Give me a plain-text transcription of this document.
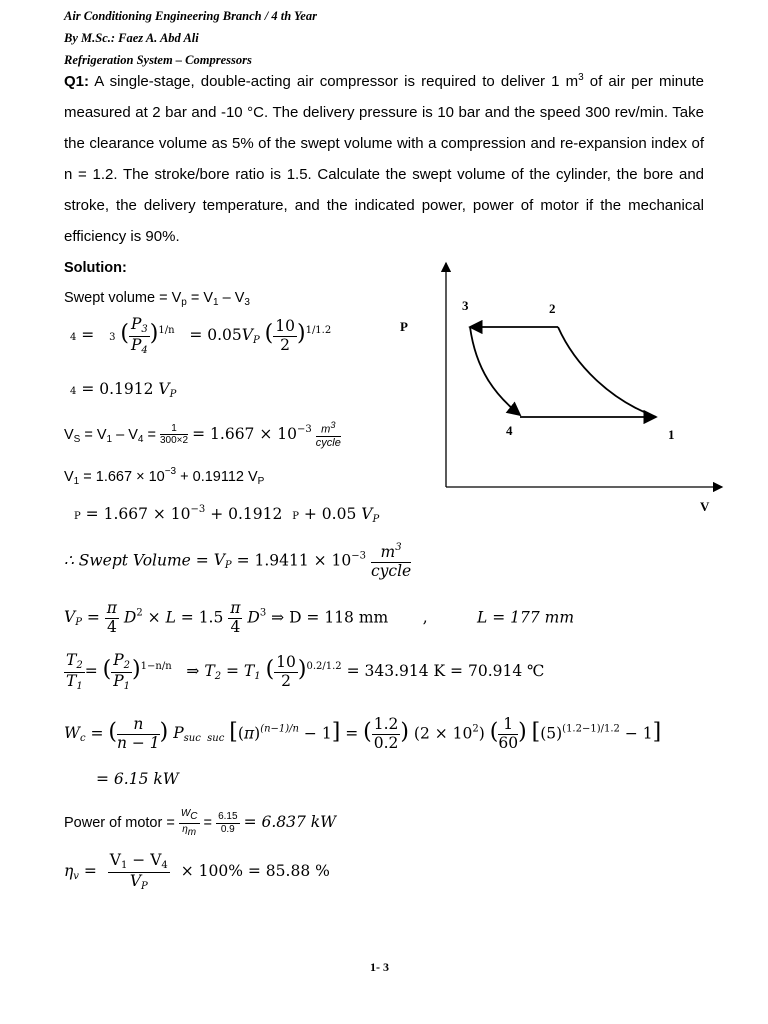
Air Conditioning Engineering Branch / 4 th Year
By M.Sc.: Faez A. Abd Ali
Refrigeration System – Compressors
Q1: A single-stage, double-acting air compressor is required to deliver 1 $m^3$ of air per minute measured at 2 bar and -10 °C. The delivery pressure is 10 bar and the speed 300 rev/min. Take the clearance volume as 5% of the swept volume with a compression and re-expansion index of n = 1.2. The stroke/bore ratio is 1.5. Calculate the swept volume of the cylinder, the bore and stroke, the delivery temperature, and the indicated power, power of motor if the mechanical efficiency is 90%.
Solution:
Swept volume = $V_p = V_1 - V_3$
4 =   3 ( $\frac{P_3}{P_4} )^{1/n} = 0.05V_P$ ( $\frac{10}{2} )^{1/1.2}$
4 = 0.1912 $V_P$
$V_S = V_1 - V_4 = \frac{1}{300\times 2} = 1.667 \times 10^{-3} \frac{m^3}{\text{cycle}}$
$V_1 = 1.667 \times 10^{-3} + 0.19112$ $V_P$
$P = 1.667 \times 10^{-3} + 0.1912$ P + 0.05 $V_P$
∴ Swept Volume = $V_P = 1.9411 \times 10^{-3} \frac{m^3}{\text{cycle}}$
$V_P = \frac{\pi}{4} D^2 \times L = 1.5 \frac{\pi}{4} D^3$ ⇒ D = 118 mm ,	L = 177 mm
$\frac{T_2}{T_1}$ = ( $\frac{P_2}{P_1} )^{1-n/n}$   ⇒ $T_2 = T_1$ ( $\frac{10}{2} )^{0.2/1.2} = 343.914$ K = 70.914 ℃
$W_c$ = ( $\frac{n}{n - 1}$ ) $P_{suc suc}$ $[(\pi)^{(n-1)/n} - 1]$ = ( $\frac{1.2}{0.2}$ ) $(2 \times 10^2)$ ( $\frac{1}{60}$ ) $[(5)^{(1.2-1)/1.2} - 1]$
= 6.15 kW
Power of motor = $\frac{WC}{\eta m} = \frac{6.15}{0.9} = 6.837$ kW
$\eta_v = \frac{V_1 - V_4}{V_P} \times 100\% = 85.88$ %
P
V
1
2
3
4
1- 3
